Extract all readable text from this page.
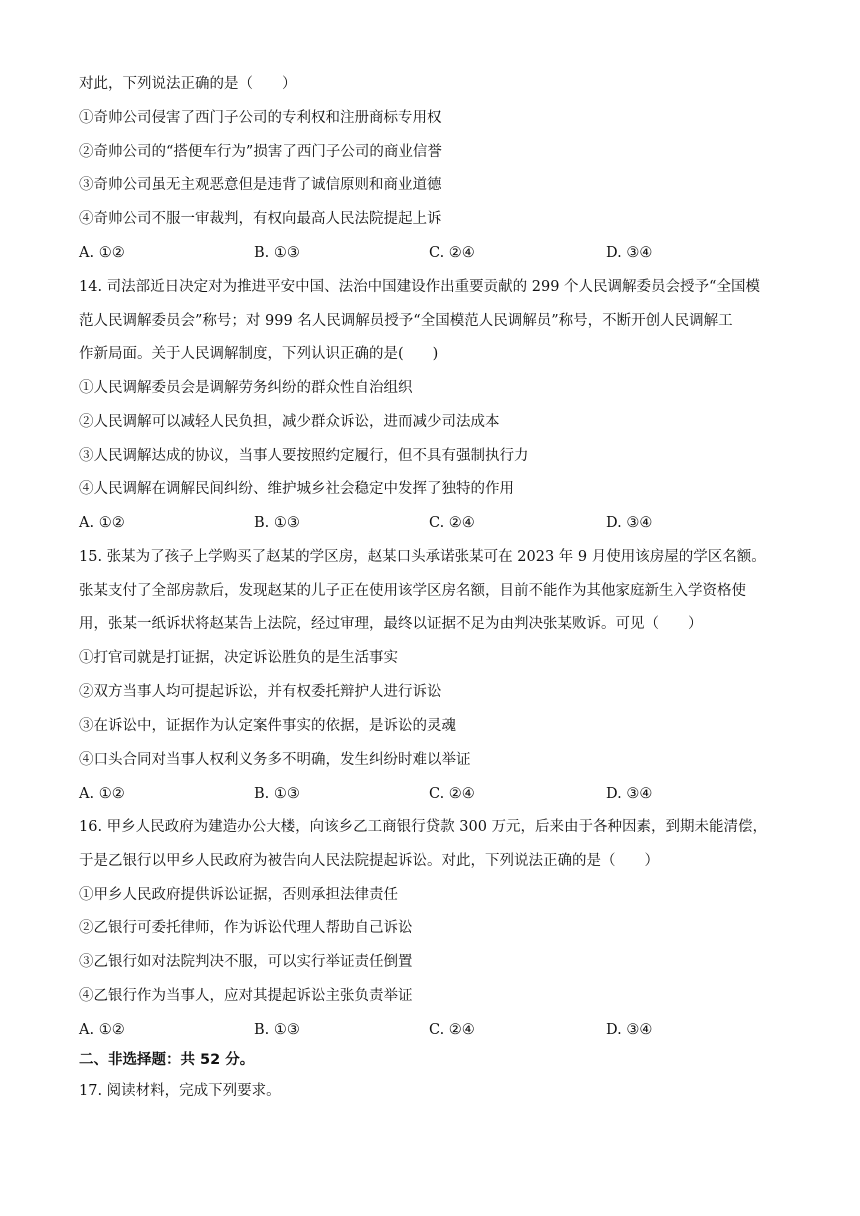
对此，下列说法正确的是（　　）
①奇帅公司侵害了西门子公司的专利权和注册商标专用权
②奇帅公司的“搭便车行为”损害了西门子公司的商业信誉
③奇帅公司虽无主观恶意但是违背了诚信原则和商业道德
④奇帅公司不服一审裁判，有权向最高人民法院提起上诉
A. ①②	B. ①③	C. ②④	D. ③④
14. 司法部近日决定对为推进平安中国、法治中国建设作出重要贡献的 299 个人民调解委员会授予“全国模
范人民调解委员会”称号；对 999 名人民调解员授予“全国模范人民调解员”称号，不断开创人民调解工
作新局面。关于人民调解制度，下列认识正确的是(　　)
①人民调解委员会是调解劳务纠纷的群众性自治组织
②人民调解可以减轻人民负担，减少群众诉讼，进而减少司法成本
③人民调解达成的协议，当事人要按照约定履行，但不具有强制执行力
④人民调解在调解民间纠纷、维护城乡社会稳定中发挥了独特的作用
A. ①②	B. ①③	C. ②④	D. ③④
15. 张某为了孩子上学购买了赵某的学区房，赵某口头承诺张某可在 2023 年 9 月使用该房屋的学区名额。
张某支付了全部房款后，发现赵某的儿子正在使用该学区房名额，目前不能作为其他家庭新生入学资格使
用，张某一纸诉状将赵某告上法院，经过审理，最终以证据不足为由判决张某败诉。可见（　　）
①打官司就是打证据，决定诉讼胜负的是生活事实
②双方当事人均可提起诉讼，并有权委托辩护人进行诉讼
③在诉讼中，证据作为认定案件事实的依据，是诉讼的灵魂
④口头合同对当事人权利义务多不明确，发生纠纷时难以举证
A. ①②	B. ①③	C. ②④	D. ③④
16. 甲乡人民政府为建造办公大楼，向该乡乙工商银行贷款 300 万元，后来由于各种因素，到期未能清偿，
于是乙银行以甲乡人民政府为被告向人民法院提起诉讼。对此，下列说法正确的是（　　）
①甲乡人民政府提供诉讼证据，否则承担法律责任
②乙银行可委托律师，作为诉讼代理人帮助自己诉讼
③乙银行如对法院判决不服，可以实行举证责任倒置
④乙银行作为当事人，应对其提起诉讼主张负责举证
A. ①②	B. ①③	C. ②④	D. ③④
二、非选择题：共 52 分。
17. 阅读材料，完成下列要求。
